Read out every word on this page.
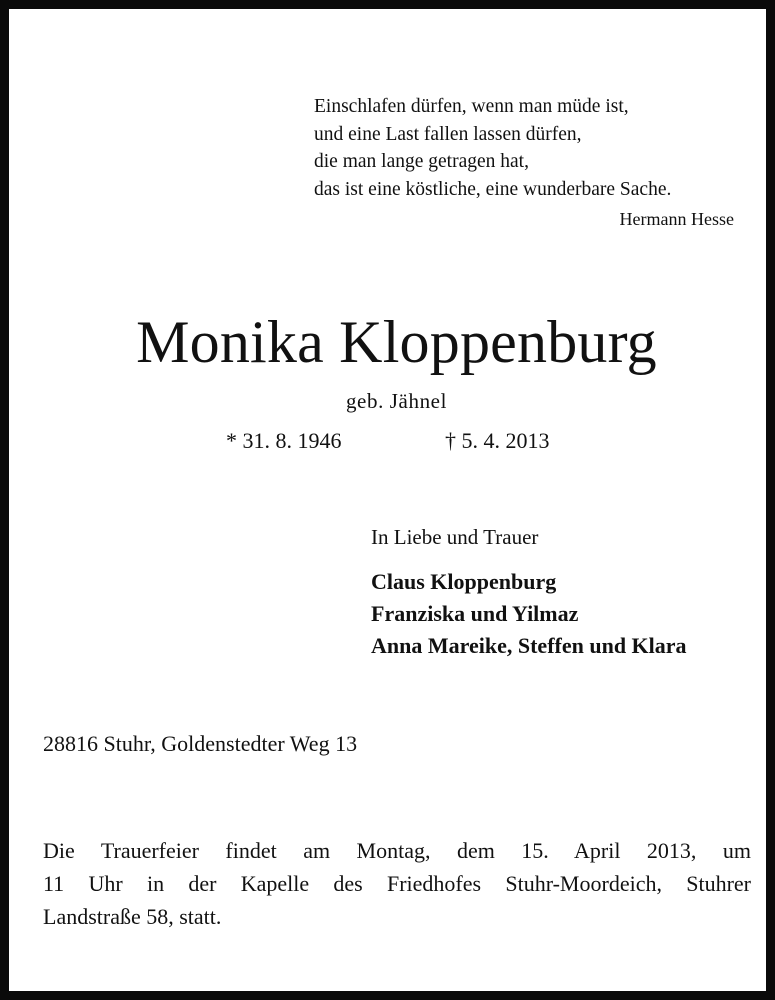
Einschlafen dürfen, wenn man müde ist,
und eine Last fallen lassen dürfen,
die man lange getragen hat,
das ist eine köstliche, eine wunderbare Sache.
Hermann Hesse
Monika Kloppenburg
geb. Jähnel
* 31. 8. 1946	† 5. 4. 2013
In Liebe und Trauer
Claus Kloppenburg
Franziska und Yilmaz
Anna Mareike, Steffen und Klara
28816 Stuhr, Goldenstedter Weg 13
Die Trauerfeier findet am Montag, dem 15. April 2013, um
11 Uhr in der Kapelle des Friedhofes Stuhr-Moordeich, Stuhrer
Landstraße 58, statt.
